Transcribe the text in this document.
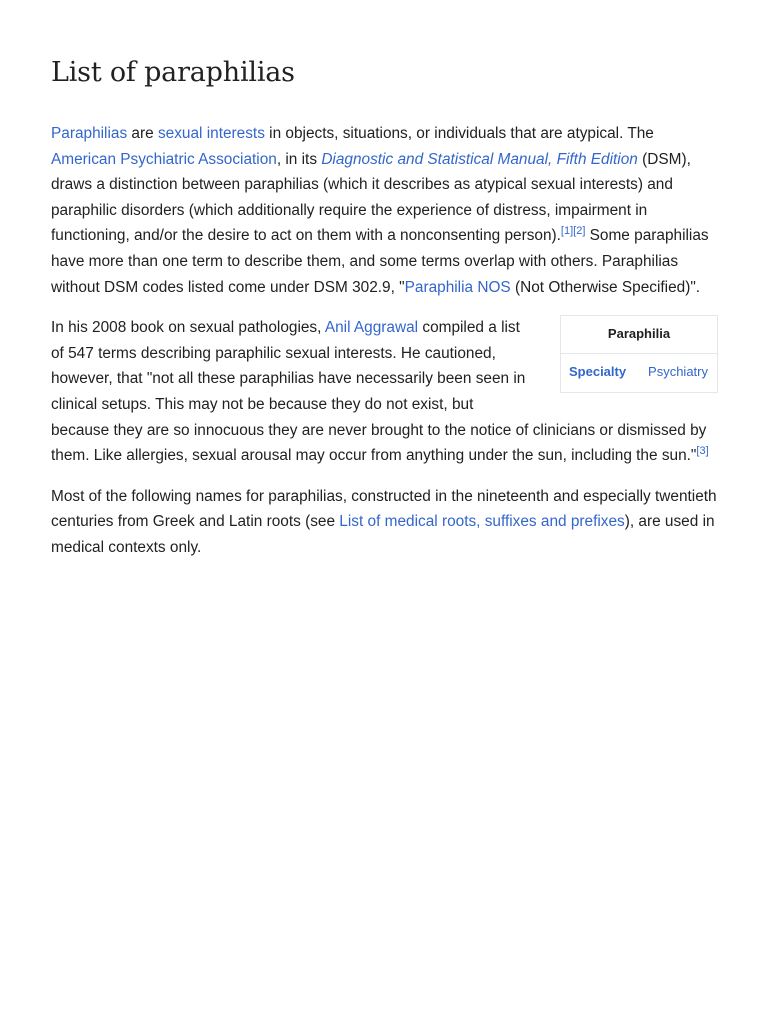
List of paraphilias

Paraphilias are sexual interests in objects, situations, or individuals that are atypical. The American Psychiatric Association, in its Diagnostic and Statistical Manual, Fifth Edition (DSM), draws a distinction between paraphilias (which it describes as atypical sexual interests) and paraphilic disorders (which additionally require the experience of distress, impairment in functioning, and/or the desire to act on them with a nonconsenting person).[1][2] Some paraphilias have more than one term to describe them, and some terms overlap with others. Paraphilias without DSM codes listed come under DSM 302.9, "Paraphilia NOS (Not Otherwise Specified)".

Paraphilia
Specialty Psychiatry

In his 2008 book on sexual pathologies, Anil Aggrawal compiled a list of 547 terms describing paraphilic sexual interests. He cautioned, however, that "not all these paraphilias have necessarily been seen in clinical setups. This may not be because they do not exist, but because they are so innocuous they are never brought to the notice of clinicians or dismissed by them. Like allergies, sexual arousal may occur from anything under the sun, including the sun."[3]

Most of the following names for paraphilias, constructed in the nineteenth and especially twentieth centuries from Greek and Latin roots (see List of medical roots, suffixes and prefixes), are used in medical contexts only.
